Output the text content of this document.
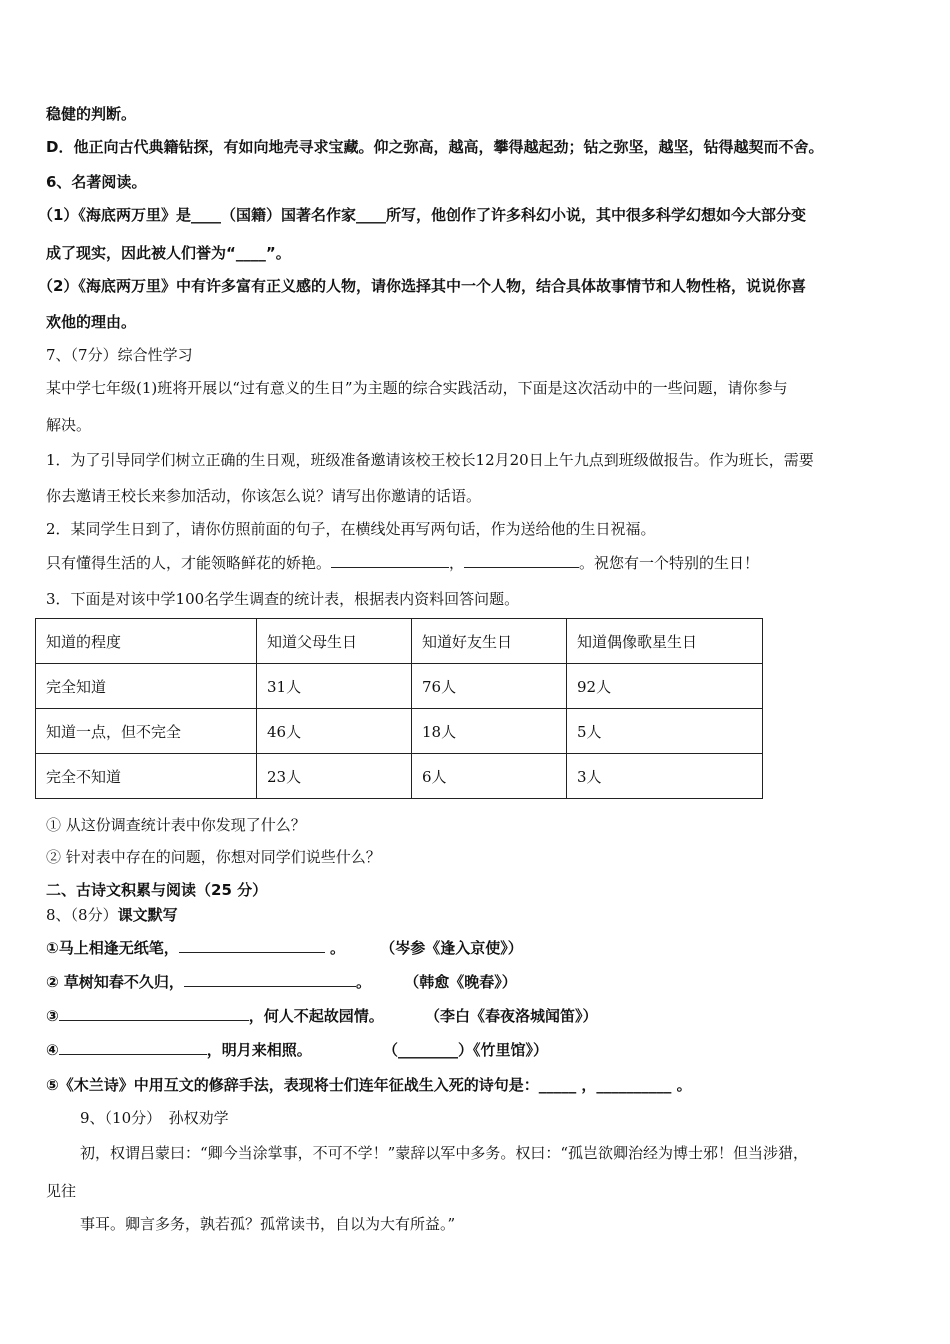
稳健的判断。
D．他正向古代典籍钻探，有如向地壳寻求宝藏。仰之弥高，越高，攀得越起劲；钻之弥坚，越坚，钻得越契而不舍。
6、名著阅读。
（1）《海底两万里》是____（国籍）国著名作家____所写，他创作了许多科幻小说，其中很多科学幻想如今大部分变
成了现实，因此被人们誉为“____”。
（2）《海底两万里》中有许多富有正义感的人物，请你选择其中一个人物，结合具体故事情节和人物性格，说说你喜
欢他的理由。
7、（7分）综合性学习
某中学七年级(1)班将开展以“过有意义的生日”为主题的综合实践活动，下面是这次活动中的一些问题，请你参与
解决。
1．为了引导同学们树立正确的生日观，班级准备邀请该校王校长12月20日上午九点到班级做报告。作为班长，需要
你去邀请王校长来参加活动，你该怎么说？请写出你邀请的话语。
2．某同学生日到了，请你仿照前面的句子，在横线处再写两句话，作为送给他的生日祝福。
只有懂得生活的人，才能领略鲜花的娇艳。	，	。祝您有一个特别的生日！
3．下面是对该中学100名学生调查的统计表，根据表内资料回答问题。
知道的程度	知道父母生日	知道好友生日	知道偶像歌星生日
完全知道	31人	76人	92人
知道一点，但不完全	46人	18人	5人
完全不知道	23人	6人	3人
① 从这份调查统计表中你发现了什么？
② 针对表中存在的问题，你想对同学们说些什么？
二、古诗文积累与阅读（25 分）
8、（8分）课文默写
①马上相逢无纸笔，	。 （岑参《逢入京使》）
② 草树知春不久归，	。 （韩愈《晚春》）
③	，何人不起故园情。	（李白《春夜洛城闻笛》）
④	，明月来相照。	（________）《竹里馆》）
⑤《木兰诗》中用互文的修辞手法，表现将士们连年征战生入死的诗句是：_____ ，__________ 。
9、（10分）　孙权劝学
初，权谓吕蒙曰：“卿今当涂掌事，不可不学！”蒙辞以军中多务。权曰：“孤岂欲卿治经为博士邪！但当涉猎，
见往
事耳。卿言多务，孰若孤？孤常读书，自以为大有所益。”
